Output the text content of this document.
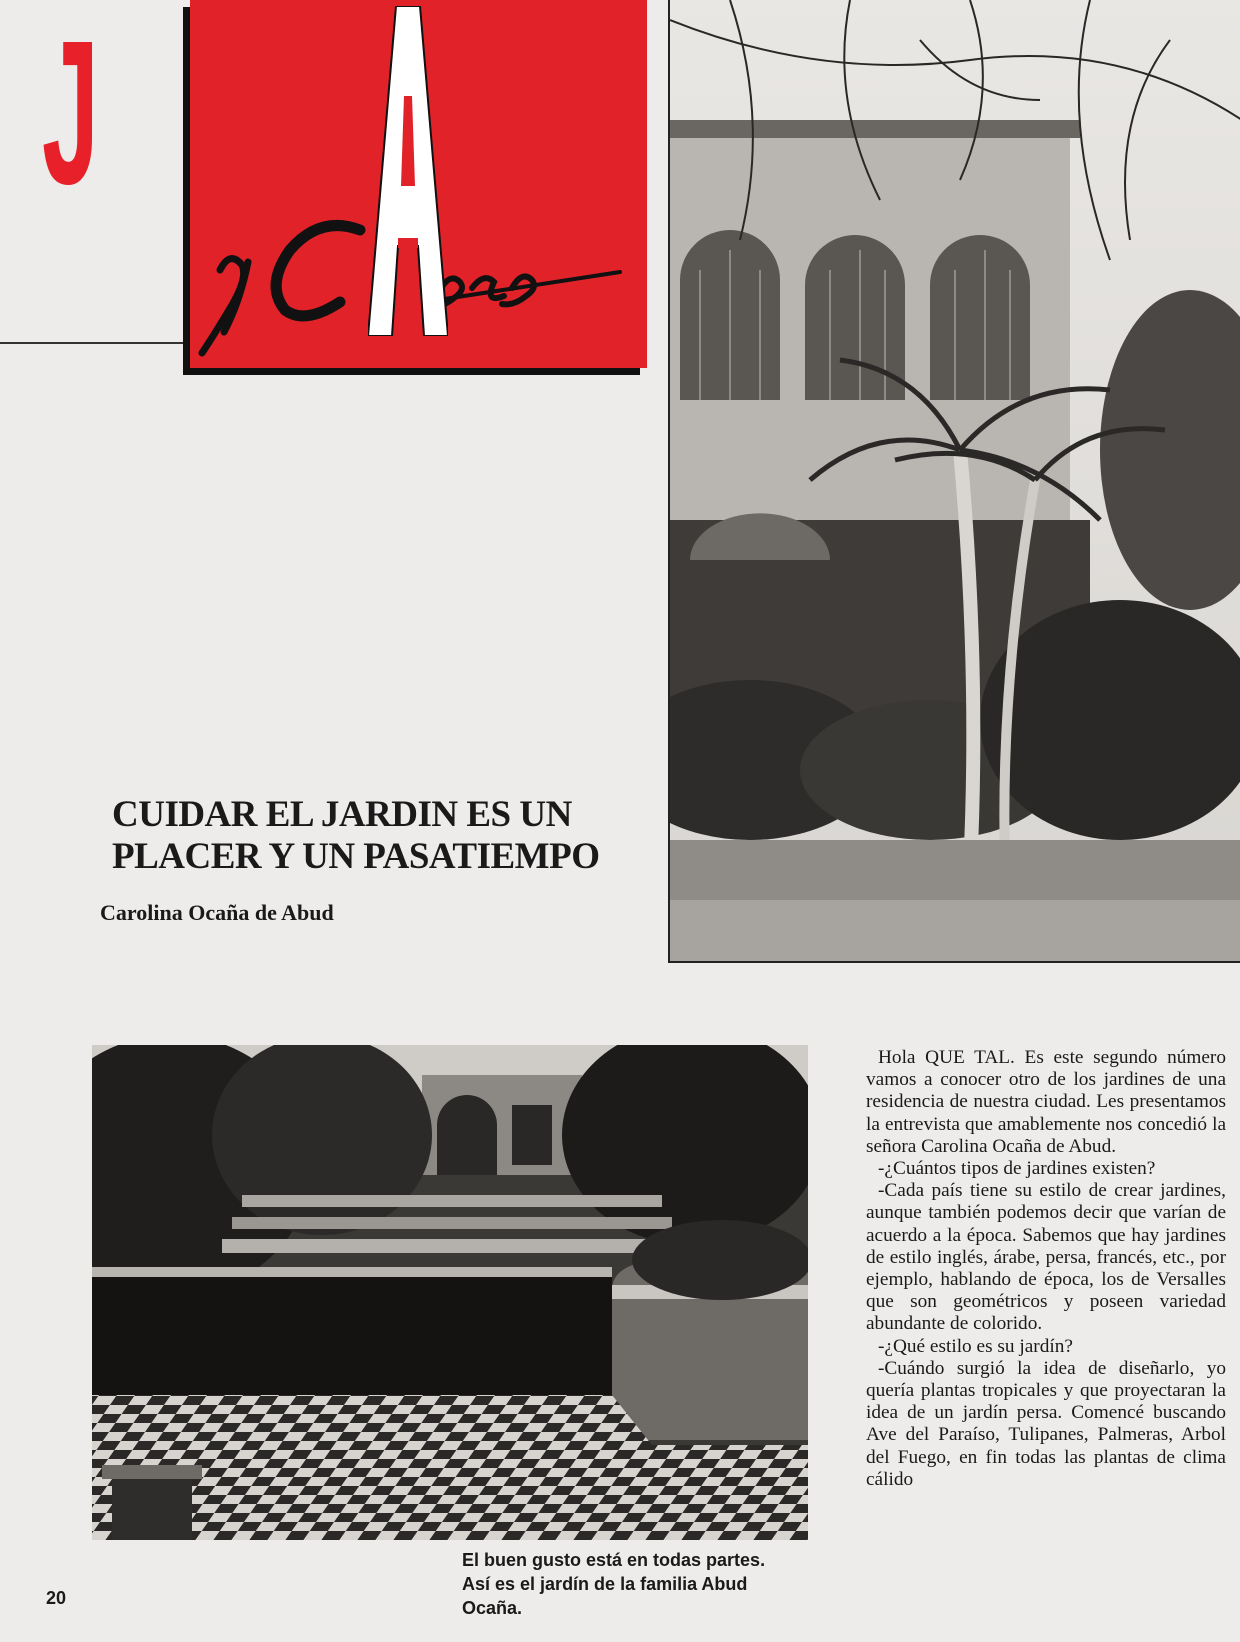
J
CUIDAR EL JARDIN ES UN
PLACER Y UN PASATIEMPO
Carolina Ocaña de Abud
El buen gusto está en todas partes.
Así es el jardín de la familia Abud
Ocaña.

Hola QUE TAL. Es este segundo número vamos a conocer otro de los jardines de una residencia de nuestra ciudad. Les presentamos la entrevista que amablemente nos concedió la señora Carolina Ocaña de Abud.

-¿Cuántos tipos de jardines existen?

-Cada país tiene su estilo de crear jardines, aunque también podemos decir que varían de acuerdo a la época. Sabemos que hay jardines de estilo inglés, árabe, persa, francés, etc., por ejemplo, hablando de época, los de Versalles que son geométricos y poseen variedad abundante de colorido.

-¿Qué estilo es su jardín?

-Cuándo surgió la idea de diseñarlo, yo quería plantas tropicales y que proyectaran la idea de un jardín persa. Comencé buscando Ave del Paraíso, Tulipanes, Palmeras, Arbol del Fuego, en fin todas las plantas de clima cálido

20
